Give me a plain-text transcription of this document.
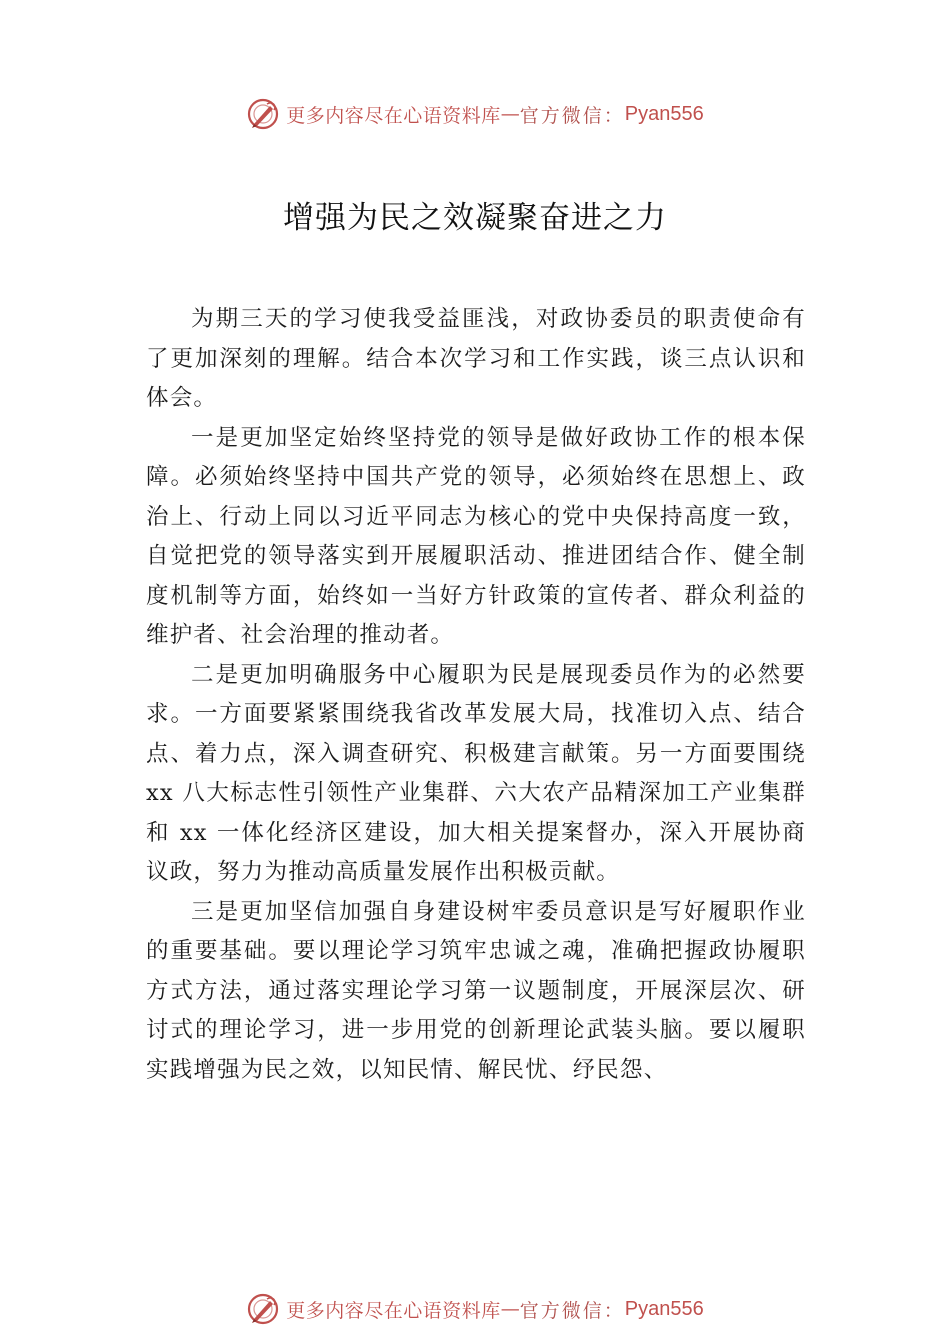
更多内容尽在心语资料库 — 官方微信： Pyan556
增强为民之效凝聚奋进之力

为期三天的学习使我受益匪浅，对政协委员的职责使命有了更加深刻的理解。结合本次学习和工作实践，谈三点认识和体会。

一是更加坚定始终坚持党的领导是做好政协工作的根本保障。必须始终坚持中国共产党的领导，必须始终在思想上、政治上、行动上同以习近平同志为核心的党中央保持高度一致，自觉把党的领导落实到开展履职活动、推进团结合作、健全制度机制等方面，始终如一当好方针政策的宣传者、群众利益的维护者、社会治理的推动者。

二是更加明确服务中心履职为民是展现委员作为的必然要求。一方面要紧紧围绕我省改革发展大局，找准切入点、结合点、着力点，深入调查研究、积极建言献策。另一方面要围绕 xx 八大标志性引领性产业集群、六大农产品精深加工产业集群和 xx 一体化经济区建设，加大相关提案督办，深入开展协商议政，努力为推动高质量发展作出积极贡献。

三是更加坚信加强自身建设树牢委员意识是写好履职作业的重要基础。要以理论学习筑牢忠诚之魂，准确把握政协履职方式方法，通过落实理论学习第一议题制度，开展深层次、研讨式的理论学习，进一步用党的创新理论武装头脑。要以履职实践增强为民之效，以知民情、解民忧、纾民怨、

更多内容尽在心语资料库 — 官方微信： Pyan556
